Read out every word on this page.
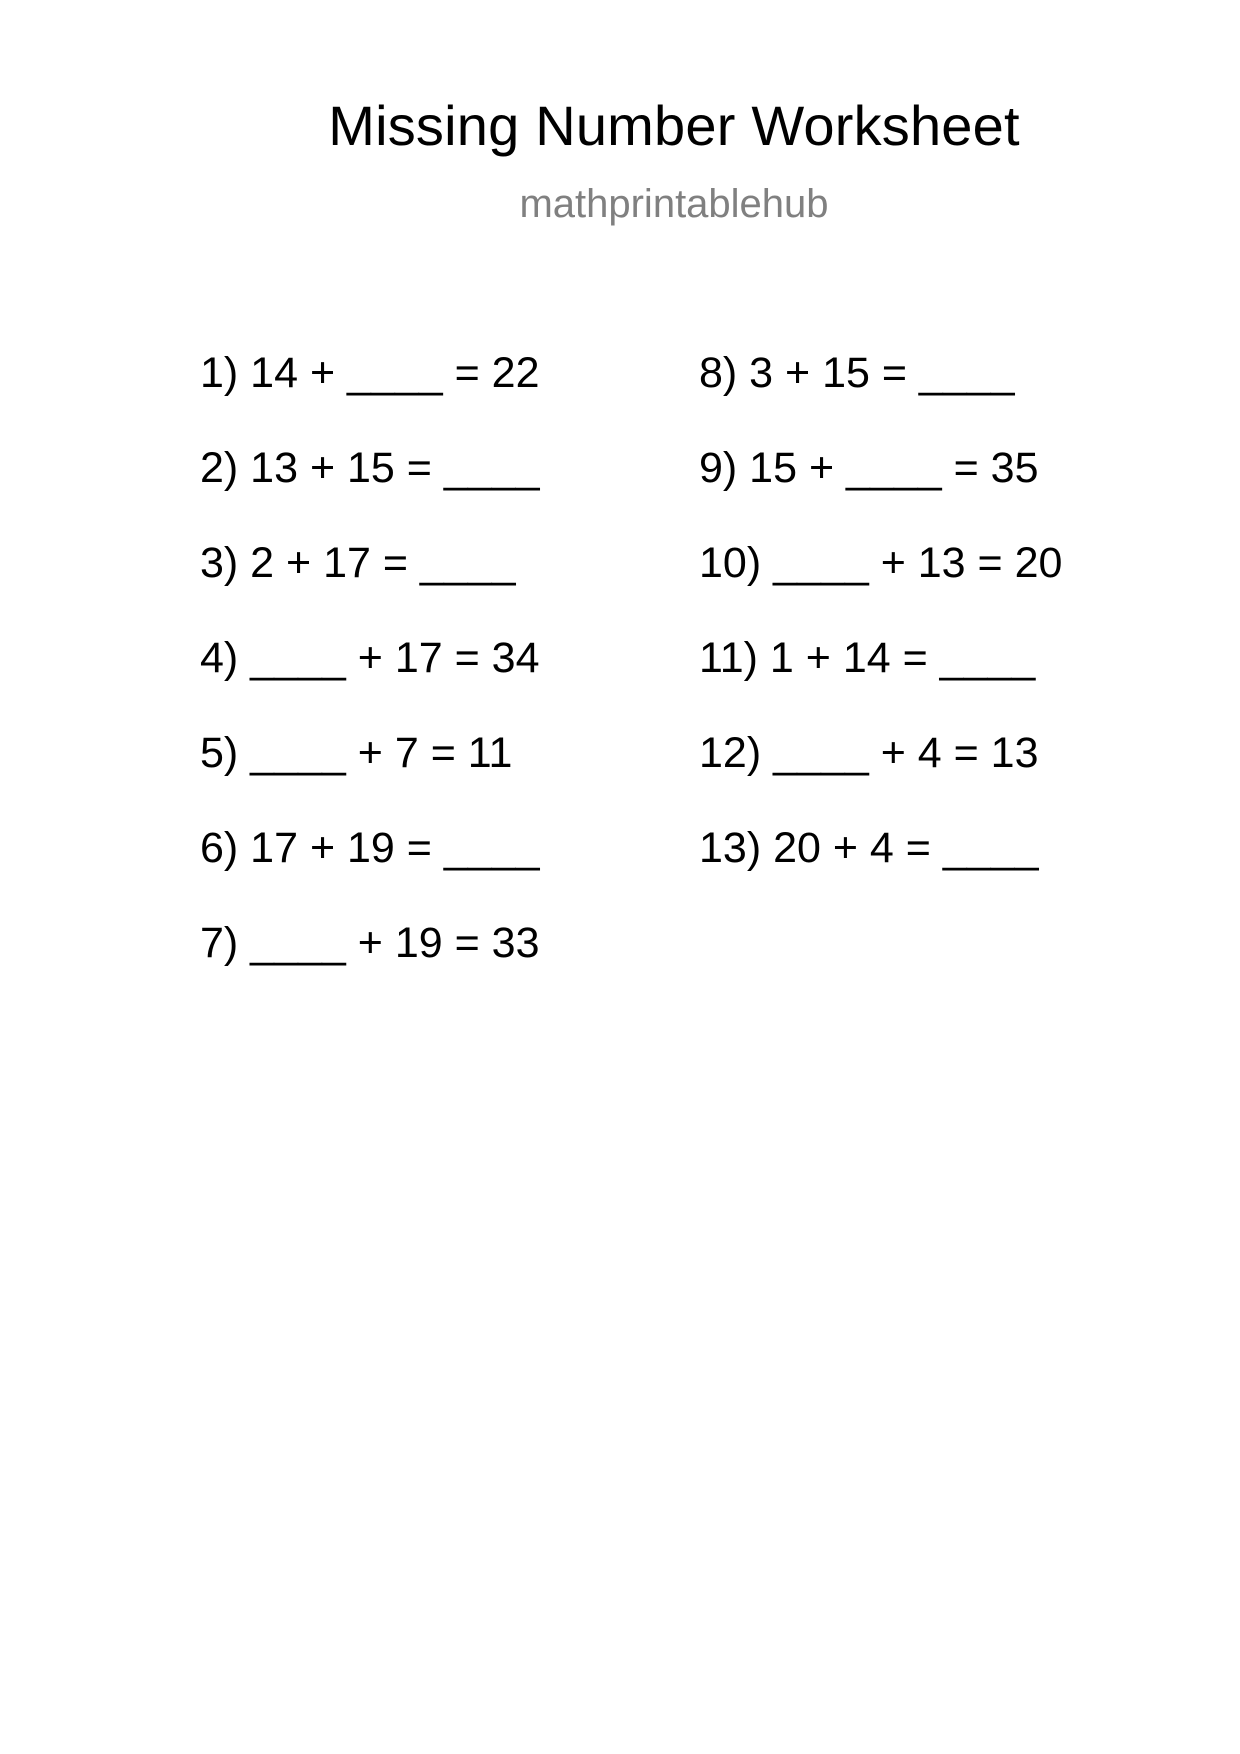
Missing Number Worksheet
mathprintablehub
1) 14 + ____ = 22
2) 13 + 15 = ____
3) 2 + 17 = ____
4) ____ + 17 = 34
5) ____ + 7 = 11
6) 17 + 19 = ____
7) ____ + 19 = 33
8) 3 + 15 = ____
9) 15 + ____ = 35
10) ____ + 13 = 20
11) 1 + 14 = ____
12) ____ + 4 = 13
13) 20 + 4 = ____
